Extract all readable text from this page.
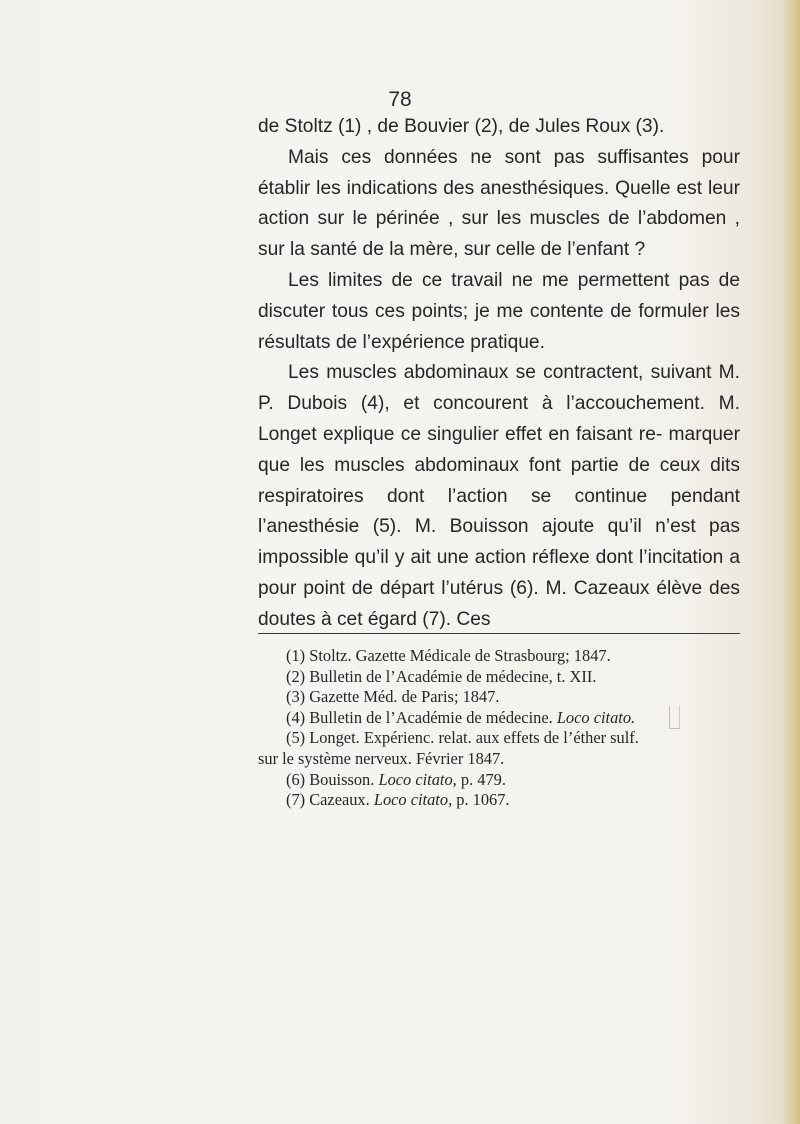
78

de Stoltz (1) , de Bouvier (2), de Jules Roux (3).

Mais ces données ne sont pas suffisantes pour établir les indications des anesthésiques. Quelle est leur action sur le périnée , sur les muscles de l’abdomen , sur la santé de la mère, sur celle de l’enfant ?

Les limites de ce travail ne me permettent pas de discuter tous ces points; je me contente de formuler les résultats de l’expérience pratique.

Les muscles abdominaux se contractent, suivant M. P. Dubois (4), et concourent à l’accouchement. M. Longet explique ce singulier effet en faisant re- marquer que les muscles abdominaux font partie de ceux dits respiratoires dont l’action se continue pendant l’anesthésie (5). M. Bouisson ajoute qu’il n’est pas impossible qu’il y ait une action réflexe dont l’incitation a pour point de départ l’utérus (6). M. Cazeaux élève des doutes à cet égard (7). Ces

(1) Stoltz. Gazette Médicale de Strasbourg; 1847.
(2) Bulletin de l’Académie de médecine, t. XII.
(3) Gazette Méd. de Paris; 1847.
(4) Bulletin de l’Académie de médecine. Loco citato.
(5) Longet. Expérienc. relat. aux effets de l’éther sulf.
sur le système nerveux. Février 1847.
(6) Bouisson. Loco citato, p. 479.
(7) Cazeaux. Loco citato, p. 1067.
